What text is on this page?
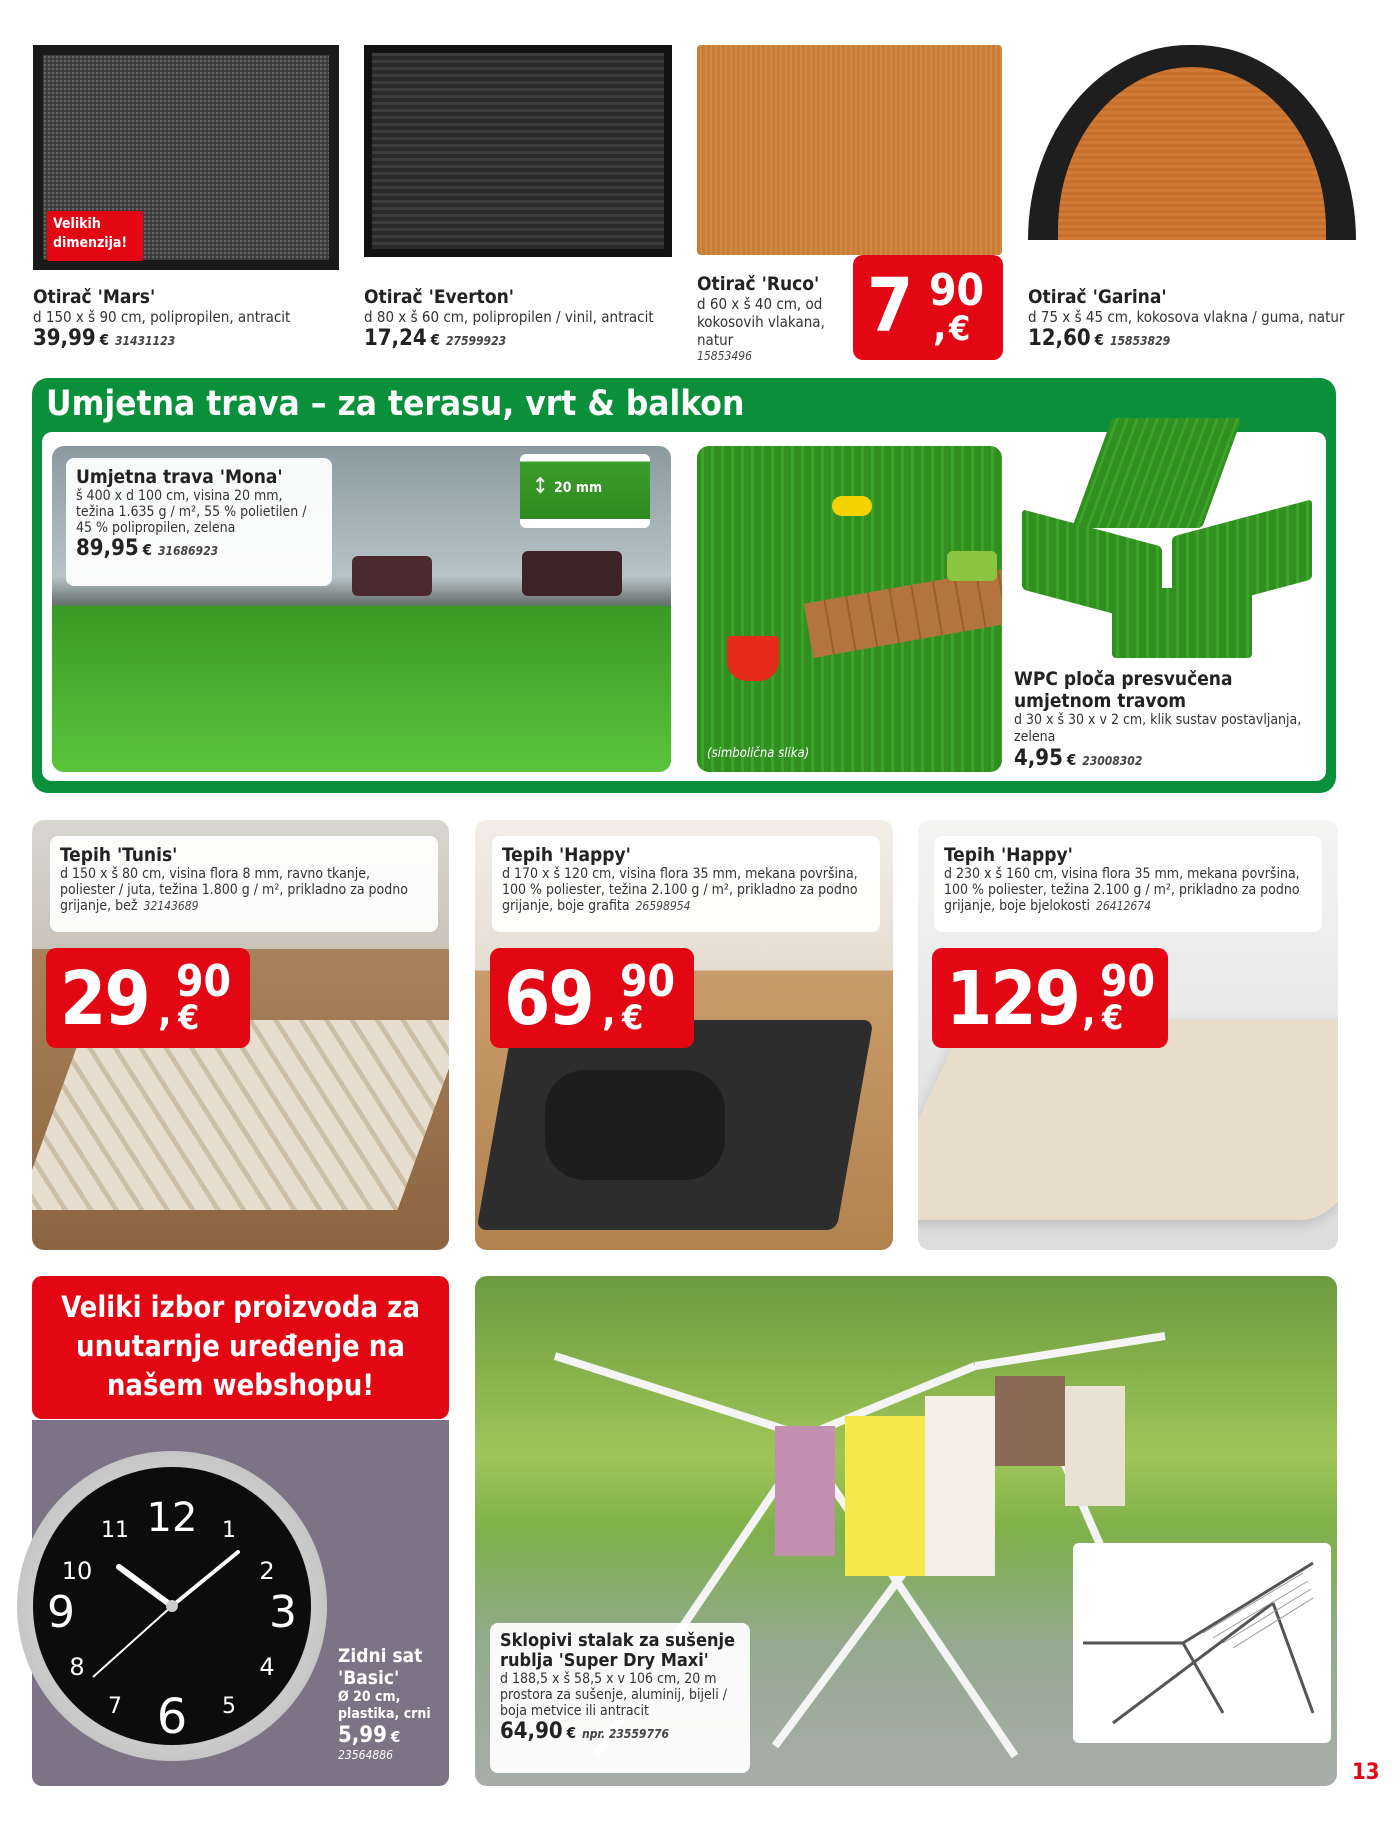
Velikih dimenzija!
Otirač 'Mars'
d 150 x š 90 cm, polipropilen, antracit
39,99 € 31431123
Otirač 'Everton'
d 80 x š 60 cm, polipropilen / vinil, antracit
17,24 € 27599923
Otirač 'Ruco'
d 60 x š 40 cm, od kokosovih vlakana, natur
15853496
7 90
, €
Otirač 'Garina'
d 75 x š 45 cm, kokosova vlakna / guma, natur
12,60 € 15853829
Umjetna trava – za terasu, vrt & balkon
Umjetna trava 'Mona'
š 400 x d 100 cm, visina 20 mm, težina 1.635 g / m², 55 % polietilen / 45 % polipropilen, zelena
89,95 € 31686923
↕ 20 mm
(simbolična slika)
WPC ploča presvučena umjetnom travom
d 30 x š 30 x v 2 cm, klik sustav postavljanja, zelena
4,95 € 23008302
Tepih 'Tunis'
d 150 x š 80 cm, visina flora 8 mm, ravno tkanje, poliester / juta, težina 1.800 g / m², prikladno za podno grijanje, bež 32143689
29 90
, €
Tepih 'Happy'
d 170 x š 120 cm, visina flora 35 mm, mekana površina, 100 % poliester, težina 2.100 g / m², prikladno za podno grijanje, boje grafita 26598954
69 90
, €
Tepih 'Happy'
d 230 x š 160 cm, visina flora 35 mm, mekana površina, 100 % poliester, težina 2.100 g / m², prikladno za podno grijanje, boje bjelokosti 26412674
129 90
, €
Veliki izbor proizvoda za unutarnje uređenje na našem webshopu!
12 1
2
3
4
5
6
7
8
9
10
11
Zidni sat 'Basic'
Ø 20 cm, plastika, crni
5,99 €
23564886
Sklopivi stalak za sušenje rublja 'Super Dry Maxi'
d 188,5 x š 58,5 x v 106 cm, 20 m prostora za sušenje, aluminij, bijeli / boja metvice ili antracit
64,90 € npr. 23559776
13
